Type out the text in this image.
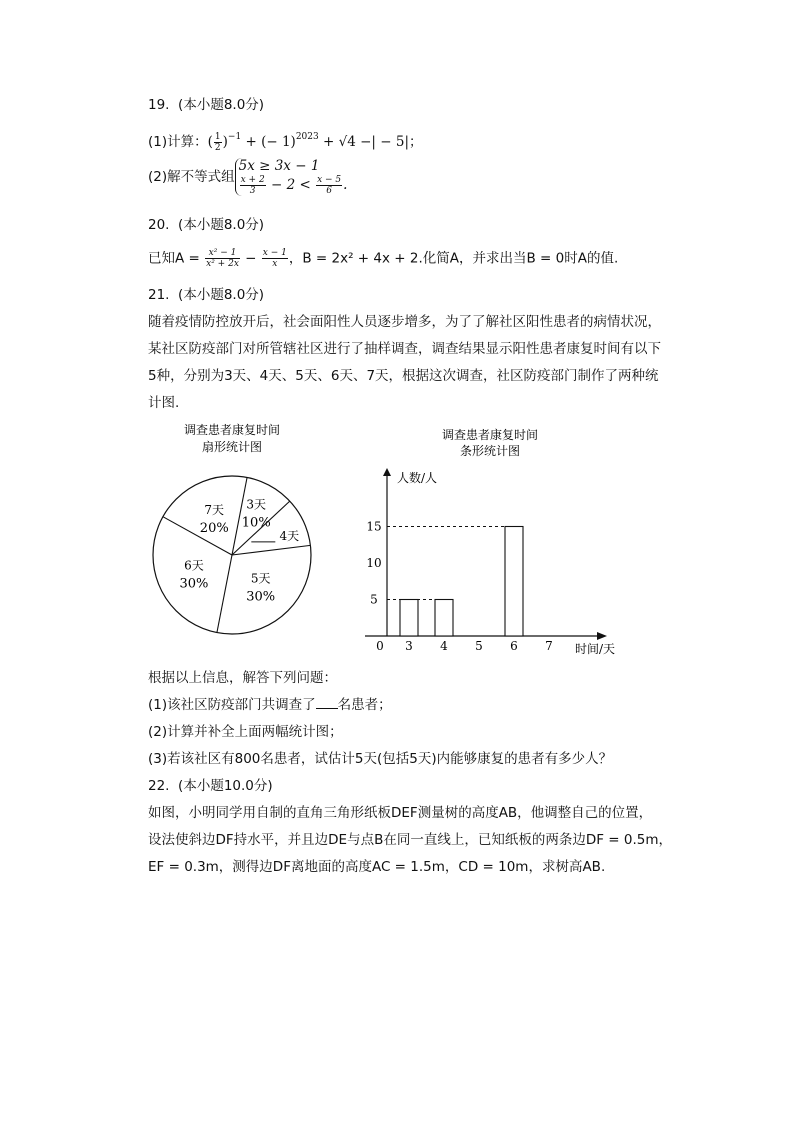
19.  (本小题8.0分)
(1)计算：( $\frac{1}{2} )^{-1}$ + (− 1)$^{2023}$ + √4 −| − 5|；
(2)解不等式组
5x ≥ 3x − 1
$\frac{x + 2}{3} - 2 < \frac{x - 5}{6}$ .
20.  (本小题8.0分)
已知$A = \frac{\text{x² − 1}}{\text{x² + 2x}} - \frac{x - 1}{x}$ ，B = 2x² + 4x + 2.化简A，并求出当B = 0时A的值.
21.  (本小题8.0分)
随着疫情防控放开后，社会面阳性人员逐步增多，为了了解社区阳性患者的病情状况，
某社区防疫部门对所管辖社区进行了抽样调查，调查结果显示阳性患者康复时间有以下
5种，分别为3天、4天、5天、6天、7天，根据这次调查，社区防疫部门制作了两种统
计图.
调查患者康复时间
扇形统计图
7天
20%
3天
10%
4天
5天
30%
6天
30%
调查患者康复时间
条形统计图
人数/人
时间/天
0
5
10
15
3 4 5 6 7
根据以上信息，解答下列问题：
(1)该社区防疫部门共调查了 名患者；
(2)计算并补全上面两幅统计图；
(3)若该社区有800名患者，试估计5天(包括5天)内能够康复的患者有多少人？
22.  (本小题10.0分)
如图，小明同学用自制的直角三角形纸板DEF测量树的高度AB，他调整自己的位置，
设法使斜边DF持水平，并且边DE与点B在同一直线上，已知纸板的两条边DF = 0.5m，
EF = 0.3m，测得边DF离地面的高度AC = 1.5m，CD = 10m，求树高AB.
